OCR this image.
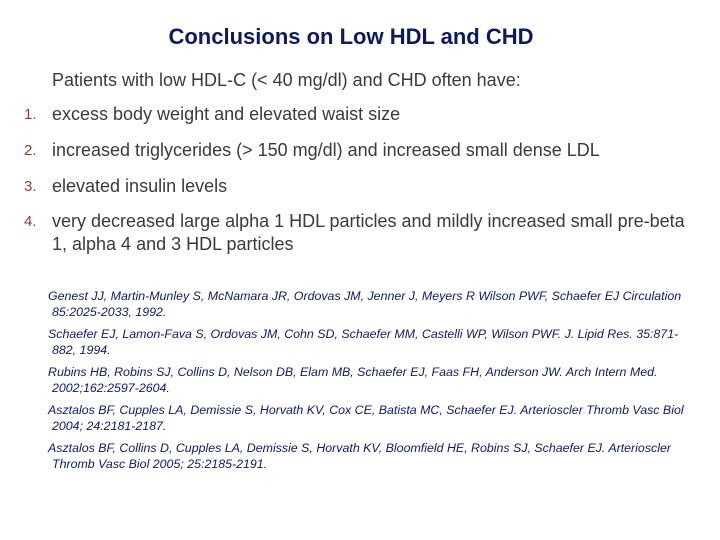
Conclusions on Low HDL and CHD
Patients with low HDL-C (< 40 mg/dl) and CHD often have:
1. excess body weight and elevated waist size
2. increased triglycerides (> 150 mg/dl) and increased small dense LDL
3. elevated insulin levels
4. very decreased large alpha 1 HDL particles and mildly increased small pre-beta 1, alpha 4 and 3 HDL particles
Genest JJ, Martin-Munley S, McNamara JR, Ordovas JM, Jenner J, Meyers R Wilson PWF, Schaefer EJ Circulation 85:2025-2033, 1992.
Schaefer EJ, Lamon-Fava S, Ordovas JM, Cohn SD, Schaefer MM, Castelli WP, Wilson PWF. J. Lipid Res. 35:871-882, 1994.
Rubins HB, Robins SJ, Collins D, Nelson DB, Elam MB, Schaefer EJ, Faas FH, Anderson JW. Arch Intern Med. 2002;162:2597-2604.
Asztalos BF, Cupples LA, Demissie S, Horvath KV, Cox CE, Batista MC, Schaefer EJ. Arterioscler Thromb Vasc Biol 2004; 24:2181-2187.
Asztalos BF, Collins D, Cupples LA, Demissie S, Horvath KV, Bloomfield HE, Robins SJ, Schaefer EJ. Arterioscler Thromb Vasc Biol 2005; 25:2185-2191.
